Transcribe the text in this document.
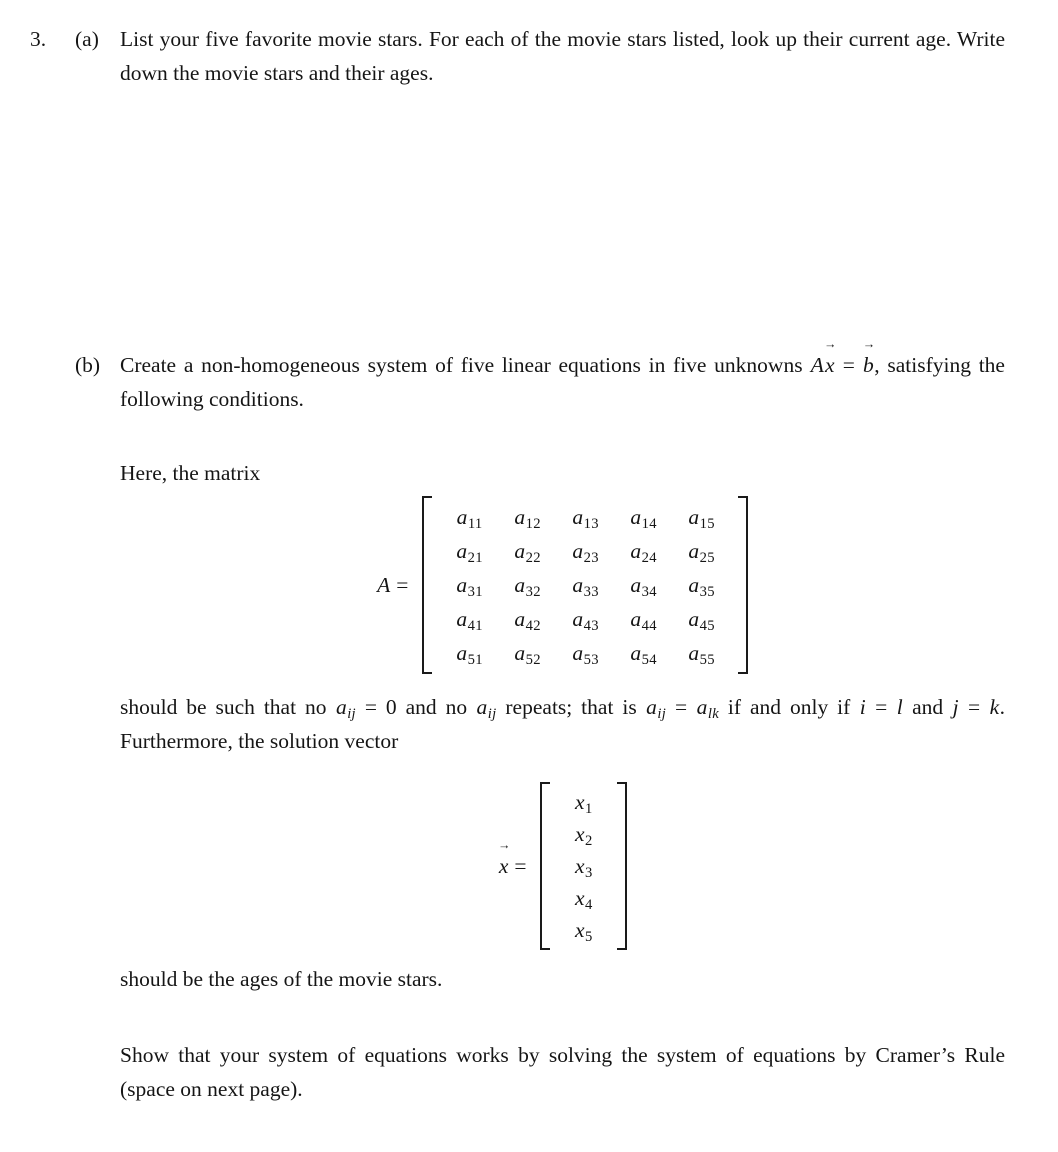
3.	(a) List your five favorite movie stars. For each of the movie stars listed, look up their current age. Write down the movie stars and their ages.

(b) Create a non-homogeneous system of five linear equations in five unknowns Ax
→
= b
→
, satisfying the following conditions.

Here, the matrix

A =
$a_{11}$	$a_{12}$	$a_{13}$	$a_{14}$	$a_{15}$
$a_{21}$	$a_{22}$	$a_{23}$	$a_{24}$	$a_{25}$
$a_{31}$	$a_{32}$	$a_{33}$	$a_{34}$	$a_{35}$
$a_{41}$	$a_{42}$	$a_{43}$	$a_{44}$	$a_{45}$
$a_{51}$	$a_{52}$	$a_{53}$	$a_{54}$	$a_{55}$

should be such that no $a_{ij} = 0$ and no $a_{ij}$ repeats; that is $a_{ij} = a_{lk}$ if and only if i = l and j = k. Furthermore, the solution vector

x
→
=
$x_1$
$x_2$
$x_3$
$x_4$
$x_5$

should be the ages of the movie stars.

Show that your system of equations works by solving the system of equations by Cramer’s Rule (space on next page).
